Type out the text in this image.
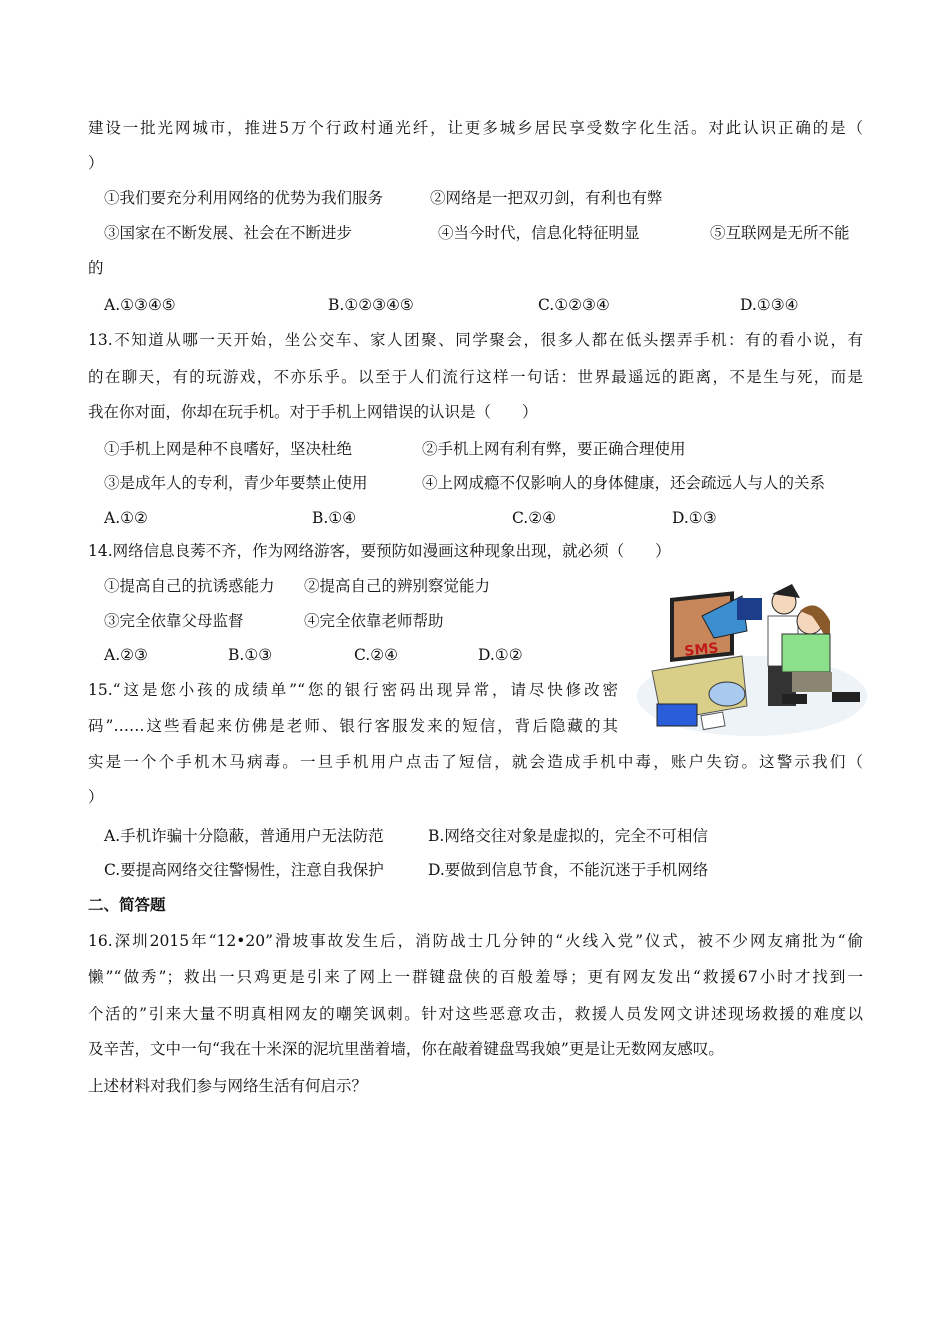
建设一批光网城市，推进5万个行政村通光纤，让更多城乡居民享受数字化生活。对此认识正确的是（
）
①我们要充分利用网络的优势为我们服务	②网络是一把双刃剑，有利也有弊
③国家在不断发展、社会在不断进步	④当今时代，信息化特征明显	⑤互联网是无所不能
的
A.①③④⑤	B.①②③④⑤	C.①②③④	D.①③④
13.不知道从哪一天开始，坐公交车、家人团聚、同学聚会，很多人都在低头摆弄手机：有的看小说，有
的在聊天，有的玩游戏，不亦乐乎。以至于人们流行这样一句话：世界最遥远的距离，不是生与死，而是
我在你对面，你却在玩手机。对于手机上网错误的认识是（　　）
①手机上网是种不良嗜好，坚决杜绝	②手机上网有利有弊，要正确合理使用
③是成年人的专利，青少年要禁止使用	④上网成瘾不仅影响人的身体健康，还会疏远人与人的关系
A.①②	B.①④	C.②④	D.①③
14.网络信息良莠不齐，作为网络游客，要预防如漫画这种现象出现，就必须（　　）
①提高自己的抗诱惑能力 ②提高自己的辨别察觉能力
③完全依靠父母监督	④完全依靠老师帮助
A.②③	B.①③	C.②④	D.①②	SMS
15.“这是您小孩的成绩单”“您的银行密码出现异常，请尽快修改密
码”……这些看起来仿佛是老师、银行客服发来的短信，背后隐藏的其
实是一个个手机木马病毒。一旦手机用户点击了短信，就会造成手机中毒，账户失窃。这警示我们（
）
A.手机诈骗十分隐蔽，普通用户无法防范	B.网络交往对象是虚拟的，完全不可相信
C.要提高网络交往警惕性，注意自我保护	D.要做到信息节食，不能沉迷于手机网络
二、简答题
16.深圳2015年“12•20”滑坡事故发生后，消防战士几分钟的“火线入党”仪式，被不少网友痛批为“偷
懒”“做秀”；救出一只鸡更是引来了网上一群键盘侠的百般羞辱；更有网友发出“救援67小时才找到一
个活的”引来大量不明真相网友的嘲笑讽刺。针对这些恶意攻击，救援人员发网文讲述现场救援的难度以
及辛苦，文中一句“我在十米深的泥坑里凿着墙，你在敲着键盘骂我娘”更是让无数网友感叹。
上述材料对我们参与网络生活有何启示？
